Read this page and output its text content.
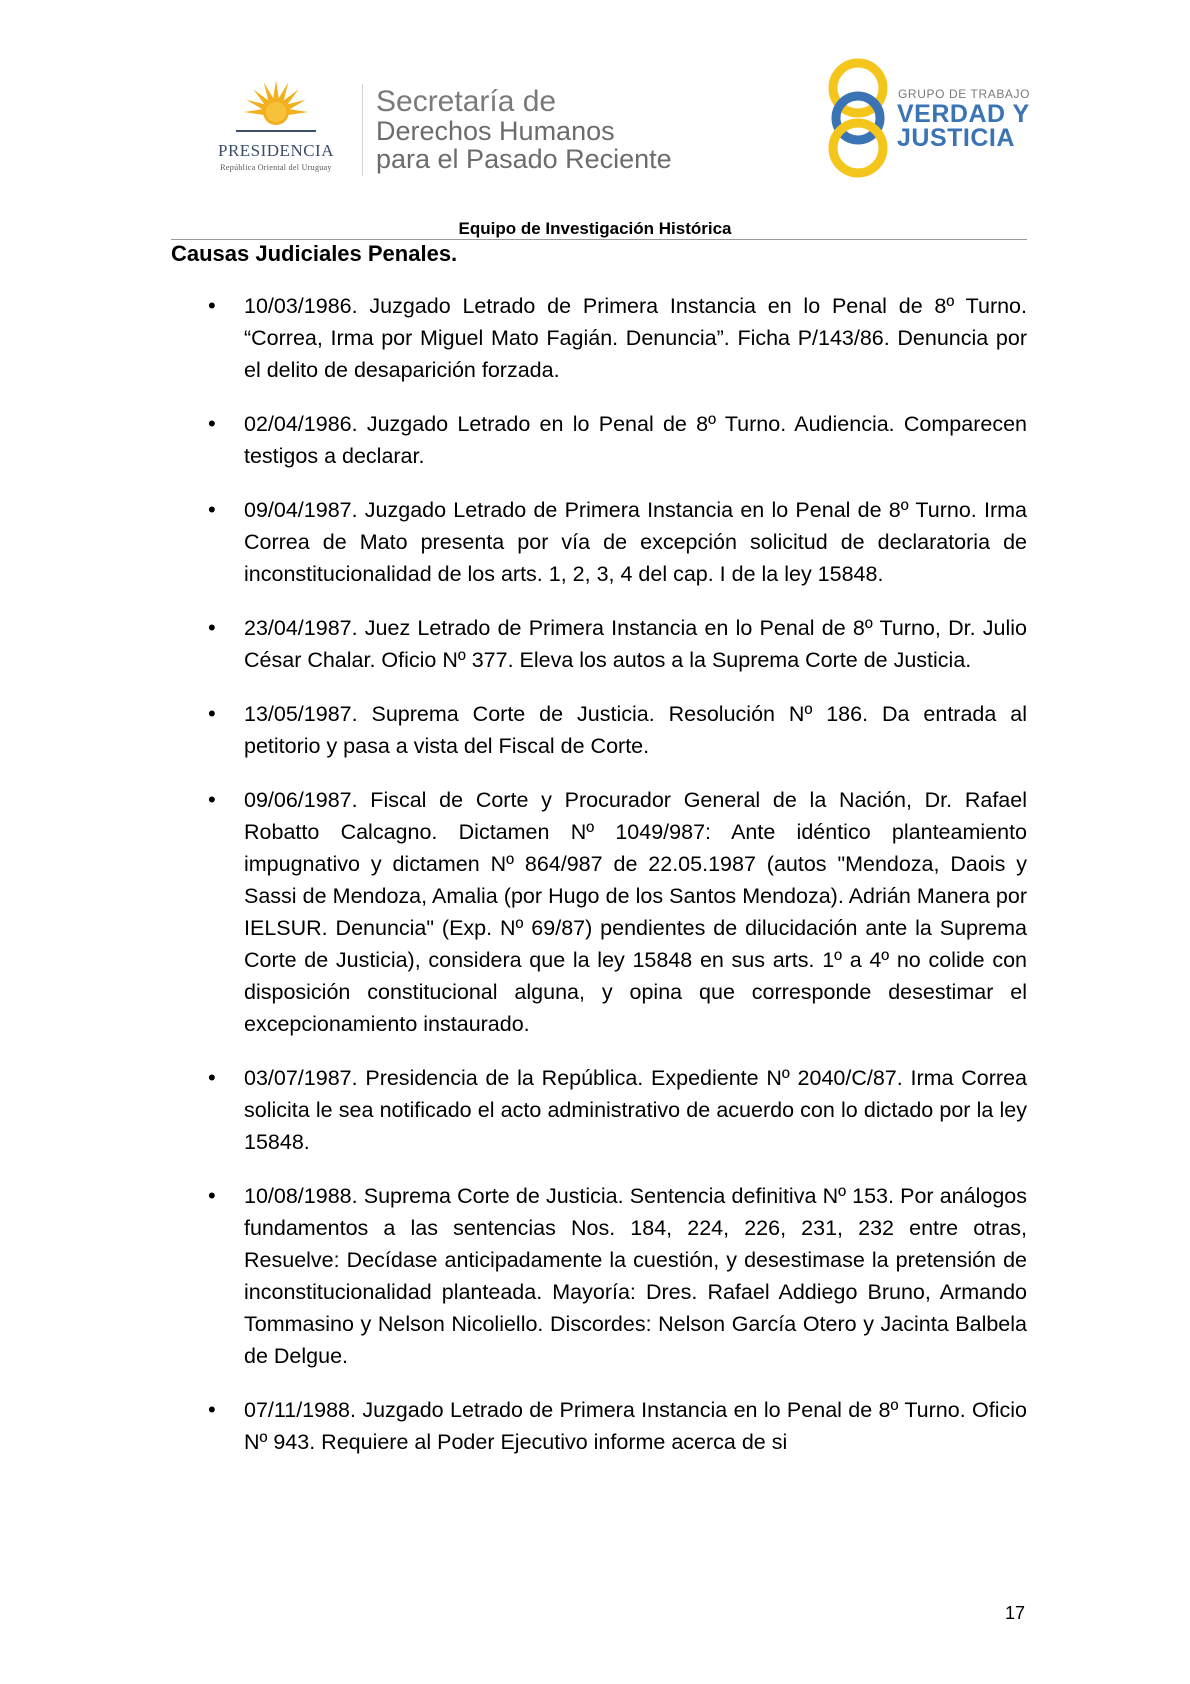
PRESIDENCIA
República Oriental del Uruguay
Secretaría de
Derechos Humanos
para el Pasado Reciente
GRUPO DE TRABAJO
VERDAD Y
JUSTICIA
Equipo de Investigación Histórica
Causas Judiciales Penales.
• 10/03/1986. Juzgado Letrado de Primera Instancia en lo Penal de 8º Turno. “Correa, Irma por Miguel Mato Fagián. Denuncia”. Ficha P/143/86. Denuncia por el delito de desaparición forzada.
• 02/04/1986. Juzgado Letrado en lo Penal de 8º Turno. Audiencia. Comparecen testigos a declarar.
• 09/04/1987. Juzgado Letrado de Primera Instancia en lo Penal de 8º Turno. Irma Correa de Mato presenta por vía de excepción solicitud de declaratoria de inconstitucionalidad de los arts. 1, 2, 3, 4 del cap. I de la ley 15848.
• 23/04/1987. Juez Letrado de Primera Instancia en lo Penal de 8º Turno, Dr. Julio César Chalar. Oficio Nº 377. Eleva los autos a la Suprema Corte de Justicia.
• 13/05/1987. Suprema Corte de Justicia. Resolución Nº 186. Da entrada al petitorio y pasa a vista del Fiscal de Corte.
• 09/06/1987. Fiscal de Corte y Procurador General de la Nación, Dr. Rafael Robatto Calcagno. Dictamen Nº 1049/987: Ante idéntico planteamiento impugnativo y dictamen Nº 864/987 de 22.05.1987 (autos "Mendoza, Daois y Sassi de Mendoza, Amalia (por Hugo de los Santos Mendoza). Adrián Manera por IELSUR. Denuncia" (Exp. Nº 69/87) pendientes de dilucidación ante la Suprema Corte de Justicia), considera que la ley 15848 en sus arts. 1º a 4º no colide con disposición constitucional alguna, y opina que corresponde desestimar el excepcionamiento instaurado.
• 03/07/1987. Presidencia de la República. Expediente Nº 2040/C/87. Irma Correa solicita le sea notificado el acto administrativo de acuerdo con lo dictado por la ley 15848.
• 10/08/1988. Suprema Corte de Justicia. Sentencia definitiva Nº 153. Por análogos fundamentos a las sentencias Nos. 184, 224, 226, 231, 232 entre otras, Resuelve: Decídase anticipadamente la cuestión, y desestimase la pretensión de inconstitucionalidad planteada. Mayoría: Dres. Rafael Addiego Bruno, Armando Tommasino y Nelson Nicoliello. Discordes: Nelson García Otero y Jacinta Balbela de Delgue.
• 07/11/1988. Juzgado Letrado de Primera Instancia en lo Penal de 8º Turno. Oficio Nº 943. Requiere al Poder Ejecutivo informe acerca de si
17
